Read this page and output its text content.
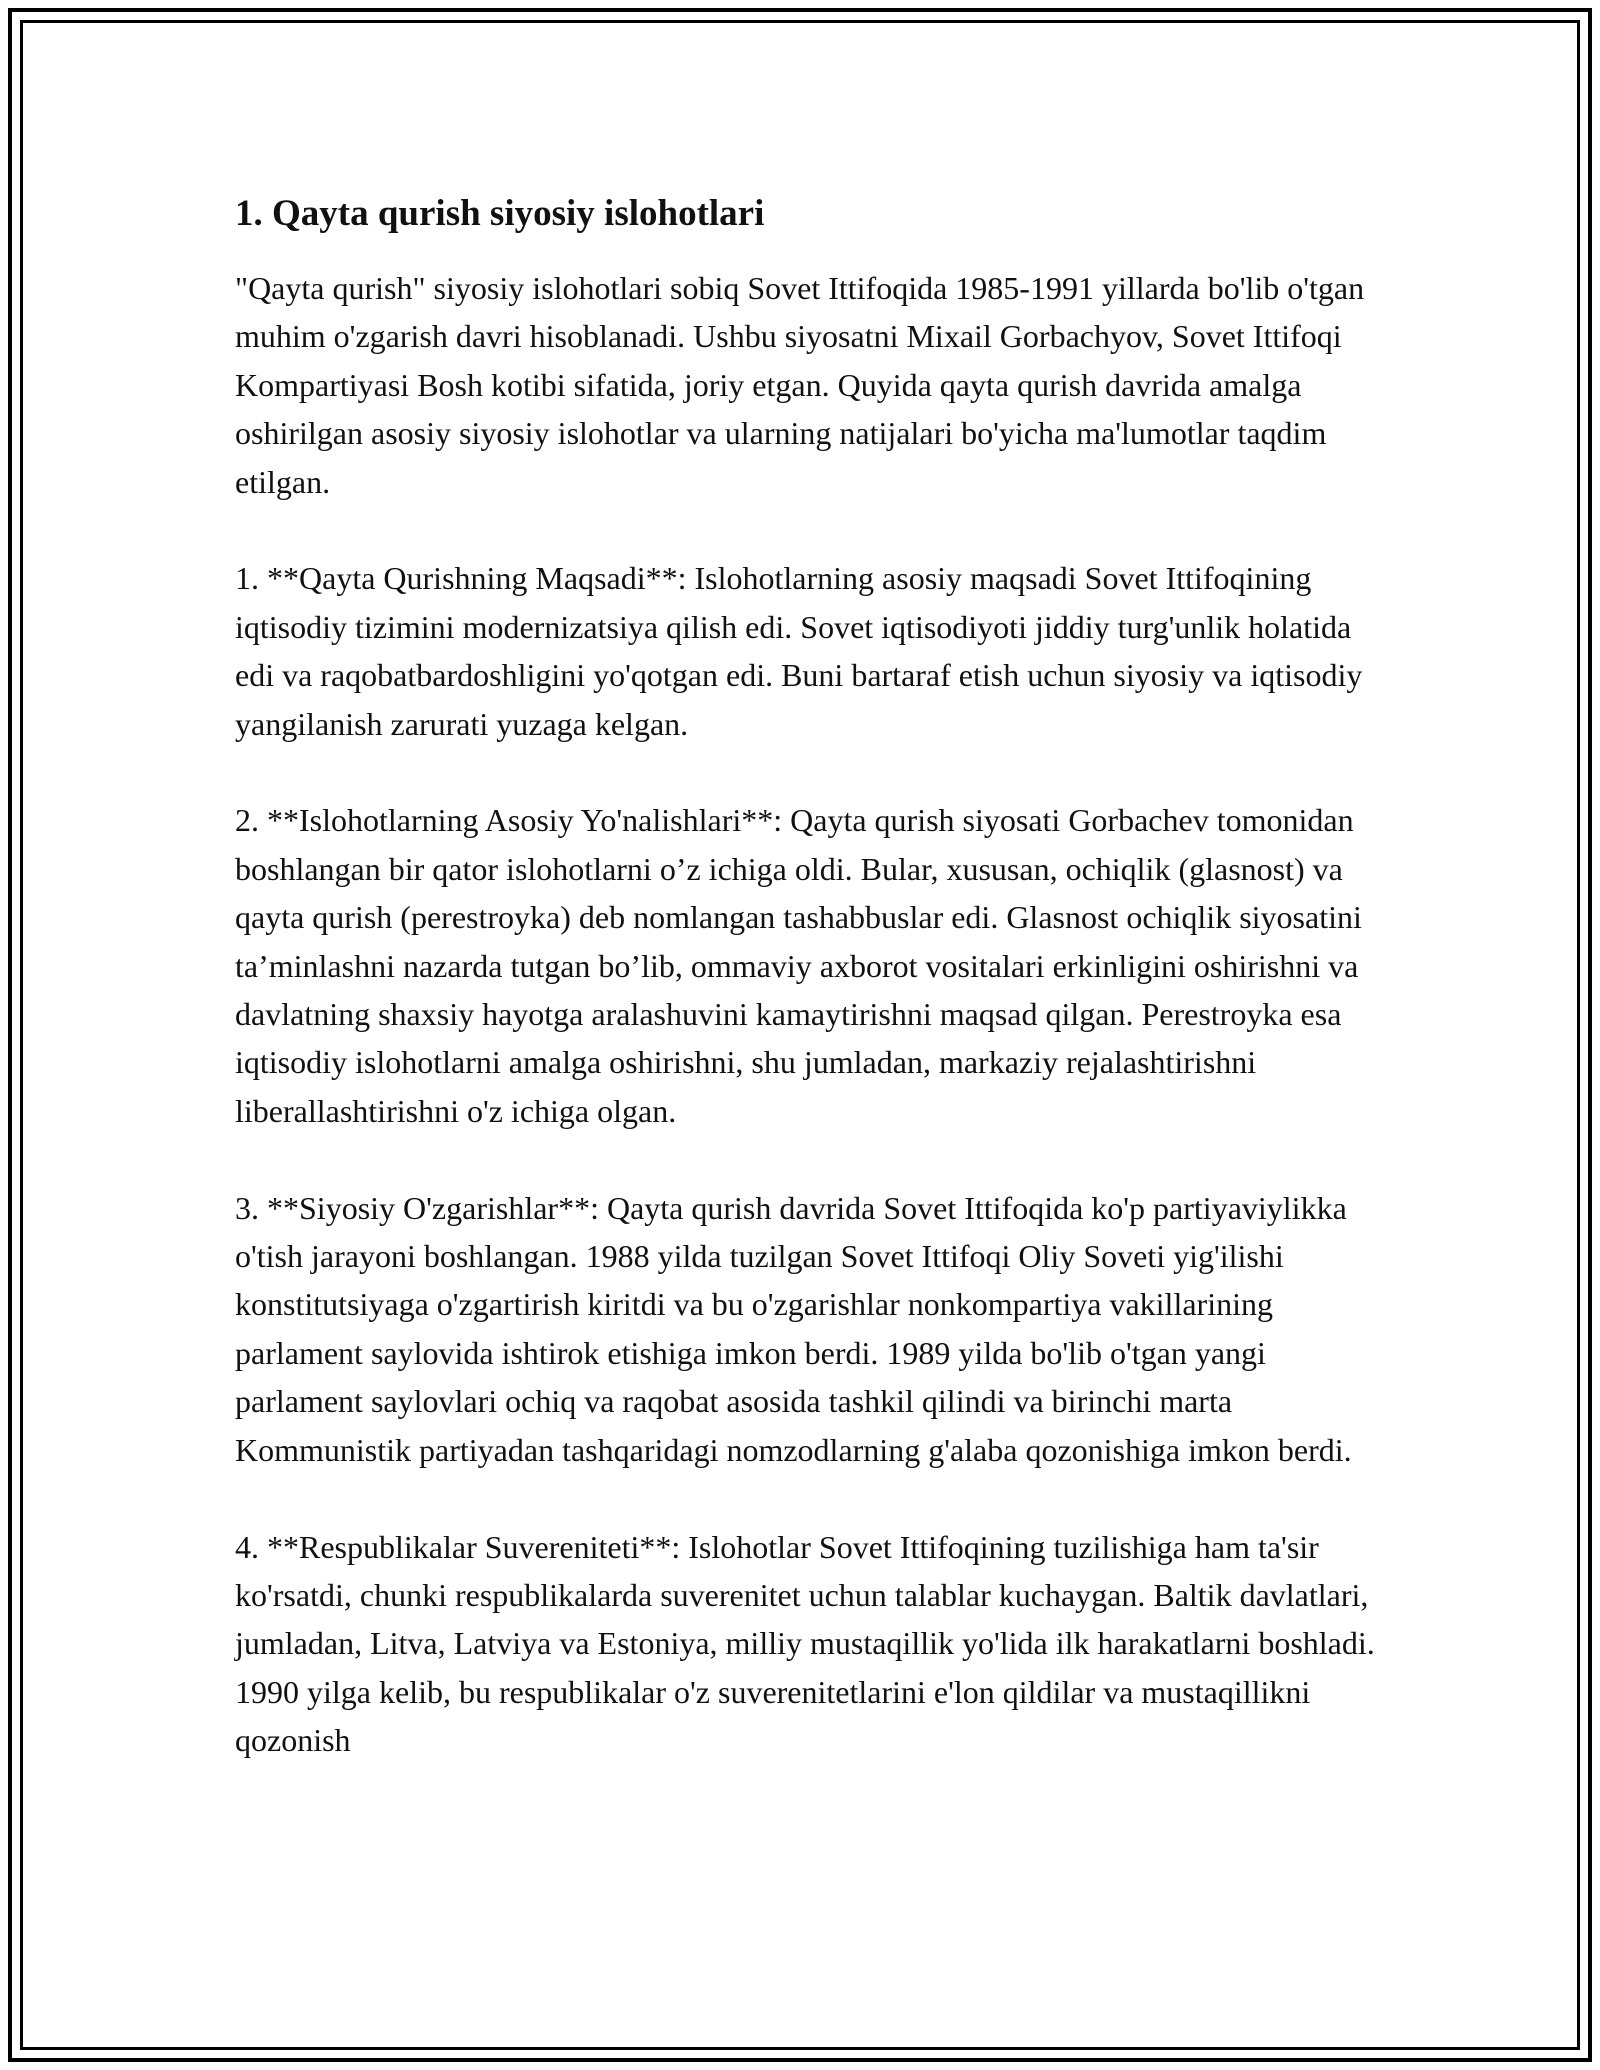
1. Qayta qurish siyosiy islohotlari

"Qayta qurish" siyosiy islohotlari sobiq Sovet Ittifoqida 1985-1991 yillarda bo'lib o'tgan muhim o'zgarish davri hisoblanadi. Ushbu siyosatni Mixail Gorbachyov, Sovet Ittifoqi Kompartiyasi Bosh kotibi sifatida, joriy etgan. Quyida qayta qurish davrida amalga oshirilgan asosiy siyosiy islohotlar va ularning natijalari bo'yicha ma'lumotlar taqdim etilgan.

1. **Qayta Qurishning Maqsadi**: Islohotlarning asosiy maqsadi Sovet Ittifoqining iqtisodiy tizimini modernizatsiya qilish edi. Sovet iqtisodiyoti jiddiy turg'unlik holatida edi va raqobatbardoshligini yo'qotgan edi. Buni bartaraf etish uchun siyosiy va iqtisodiy yangilanish zarurati yuzaga kelgan.

2. **Islohotlarning Asosiy Yo'nalishlari**: Qayta qurish siyosati Gorbachev tomonidan boshlangan bir qator islohotlarni o’z ichiga oldi. Bular, xususan, ochiqlik (glasnost) va qayta qurish (perestroyka) deb nomlangan tashabbuslar edi. Glasnost ochiqlik siyosatini ta’minlashni nazarda tutgan bo’lib, ommaviy axborot vositalari erkinligini oshirishni va davlatning shaxsiy hayotga aralashuvini kamaytirishni maqsad qilgan. Perestroyka esa iqtisodiy islohotlarni amalga oshirishni, shu jumladan, markaziy rejalashtirishni liberallashtirishni o'z ichiga olgan.

3. **Siyosiy O'zgarishlar**: Qayta qurish davrida Sovet Ittifoqida ko'p partiyaviylikka o'tish jarayoni boshlangan. 1988 yilda tuzilgan Sovet Ittifoqi Oliy Soveti yig'ilishi konstitutsiyaga o'zgartirish kiritdi va bu o'zgarishlar nonkompartiya vakillarining parlament saylovida ishtirok etishiga imkon berdi. 1989 yilda bo'lib o'tgan yangi parlament saylovlari ochiq va raqobat asosida tashkil qilindi va birinchi marta Kommunistik partiyadan tashqaridagi nomzodlarning g'alaba qozonishiga imkon berdi.

4. **Respublikalar Suvereniteti**: Islohotlar Sovet Ittifoqining tuzilishiga ham ta'sir ko'rsatdi, chunki respublikalarda suverenitet uchun talablar kuchaygan. Baltik davlatlari, jumladan, Litva, Latviya va Estoniya, milliy mustaqillik yo'lida ilk harakatlarni boshladi. 1990 yilga kelib, bu respublikalar o'z suverenitetlarini e'lon qildilar va mustaqillikni qozonish
